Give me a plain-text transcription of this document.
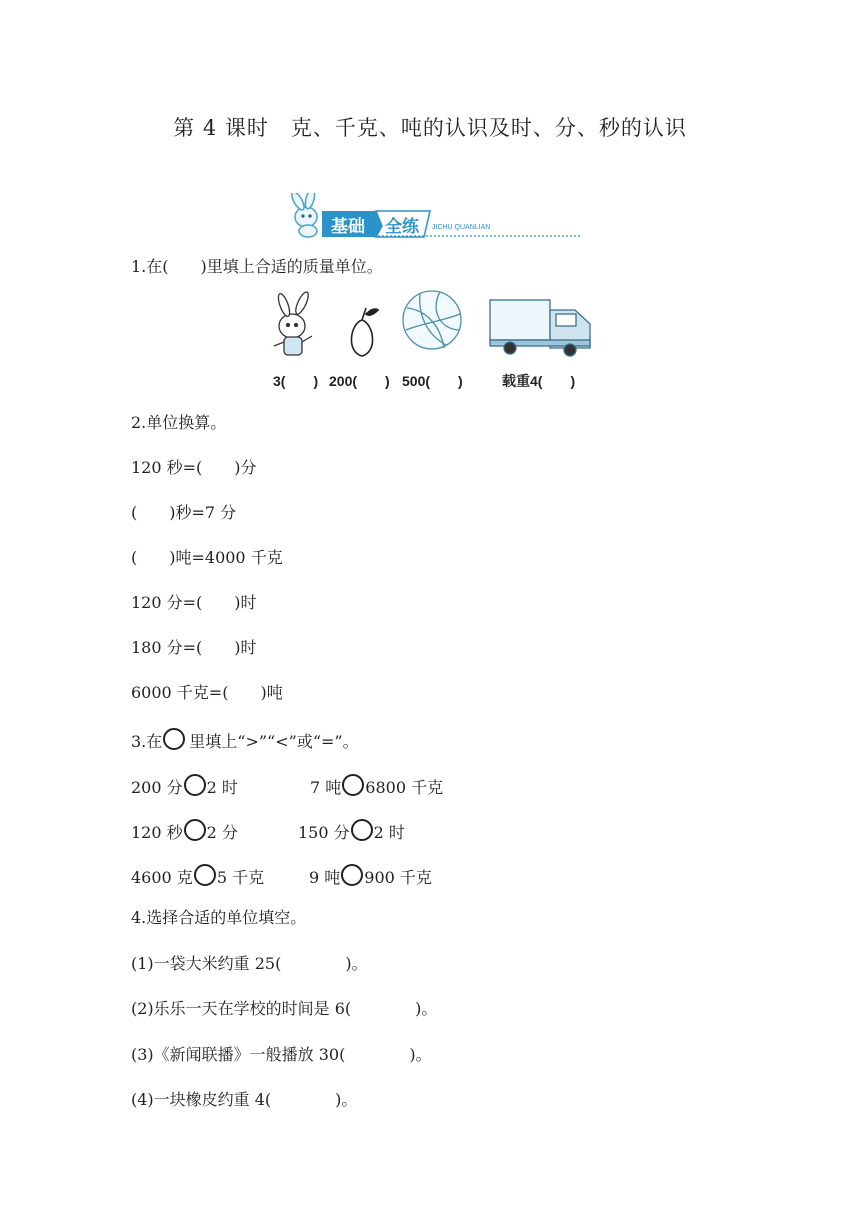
第 4 课时　克、千克、吨的认识及时、分、秒的认识
基础 全练 JICHU QUANLIAN
1.在(　　)里填上合适的质量单位。
3(　　) 200(　　) 500(　　)	载重4(　　)
2.单位换算。
120 秒=(　　)分
(　　)秒=7 分
(　　)吨=4000 千克
120 分=(　　)时
180 分=(　　)时
6000 千克=(　　)吨
3.在 里填上“>”“<”或“=”。
200 分 2 时	7 吨 6800 千克
120 秒 2 分	150 分 2 时
4600 克 5 千克	9 吨 900 千克
4.选择合适的单位填空。
(1)一袋大米约重 25(　　　　)。
(2)乐乐一天在学校的时间是 6(　　　　)。
(3)《新闻联播》一般播放 30(　　　　)。
(4)一块橡皮约重 4(　　　　)。
